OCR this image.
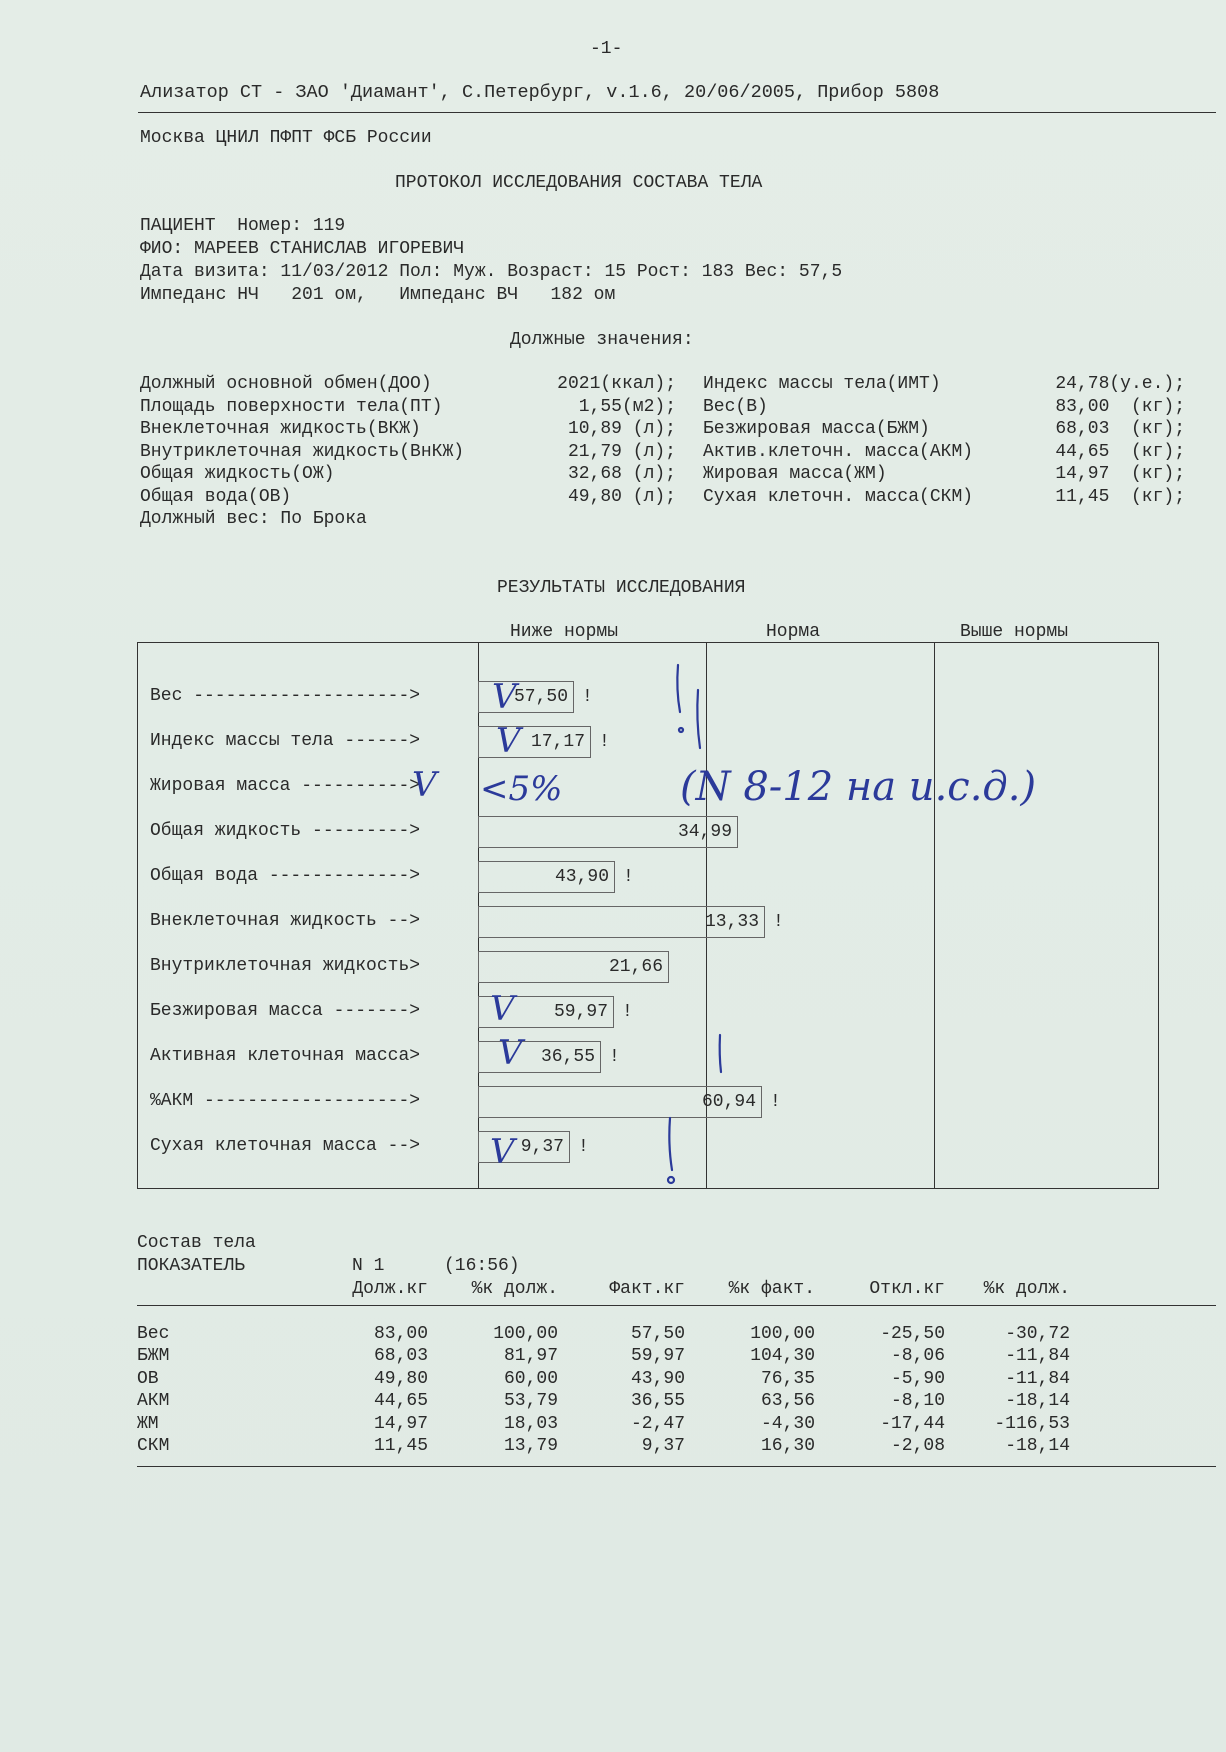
-1-
Ализатор СТ - ЗАО 'Диамант', С.Петербург, v.1.6, 20/06/2005, Прибор 5808
Москва ЦНИЛ ПФПТ ФСБ России
ПРОТОКОЛ ИССЛЕДОВАНИЯ СОСТАВА ТЕЛА
ПАЦИЕНТ  Номер: 119
ФИО: МАРЕЕВ СТАНИСЛАВ ИГОРЕВИЧ
Дата визита: 11/03/2012 Пол: Муж. Возраст: 15 Рост: 183 Вес: 57,5
Импеданс НЧ   201 ом,   Импеданс ВЧ   182 ом
Должные значения:
Должный основной обмен(ДОО)	2021(ккал);
Площадь поверхности тела(ПТ)	1,55(м2);
Внеклеточная жидкость(ВКЖ)	10,89 (л);
Внутриклеточная жидкость(ВнКЖ)	21,79 (л);
Общая жидкость(ОЖ)	32,68 (л);
Общая вода(ОВ)	49,80 (л);
Индекс массы тела(ИМТ)	24,78(у.е.);
Вес(В)	83,00  (кг);
Безжировая масса(БЖМ)	68,03  (кг);
Актив.клеточн. масса(АКМ)	44,65  (кг);
Жировая масса(ЖМ)	14,97  (кг);
Сухая клеточн. масса(СКМ)	11,45  (кг);
Должный вес: По Брока
РЕЗУЛЬТАТЫ ИССЛЕДОВАНИЯ
Ниже нормы	Норма	Выше нормы
Вес -------------------->	57,50 !
Индекс массы тела ------>	17,17 !
Жировая масса ---------->
Общая жидкость --------->	34,99
Общая вода ------------->	43,90 !
Внеклеточная жидкость -->	13,33 !
Внутриклеточная жидкость>	21,66
Безжировая масса ------->	59,97 !
Активная клеточная масса>	36,55 !
%АКМ ------------------->	60,94 !
Сухая клеточная масса -->	9,37 !
Состав тела
ПОКАЗАТЕЛЬ	N 1	(16:56)
Долж.кг	%к долж.	Факт.кг	%к факт.	Откл.кг	%к долж.
Вес	83,00	100,00	57,50	100,00	-25,50	-30,72
БЖМ	68,03	81,97	59,97	104,30	-8,06	-11,84
ОВ	49,80	60,00	43,90	76,35	-5,90	-11,84
АКМ	44,65	53,79	36,55	63,56	-8,10	-18,14
ЖМ	14,97	18,03	-2,47	-4,30	-17,44	-116,53
СКМ	11,45	13,79	9,37	16,30	-2,08	-18,14
V
V
V
V
V
V
<5%	(N 8-12 на и.с.д.)
